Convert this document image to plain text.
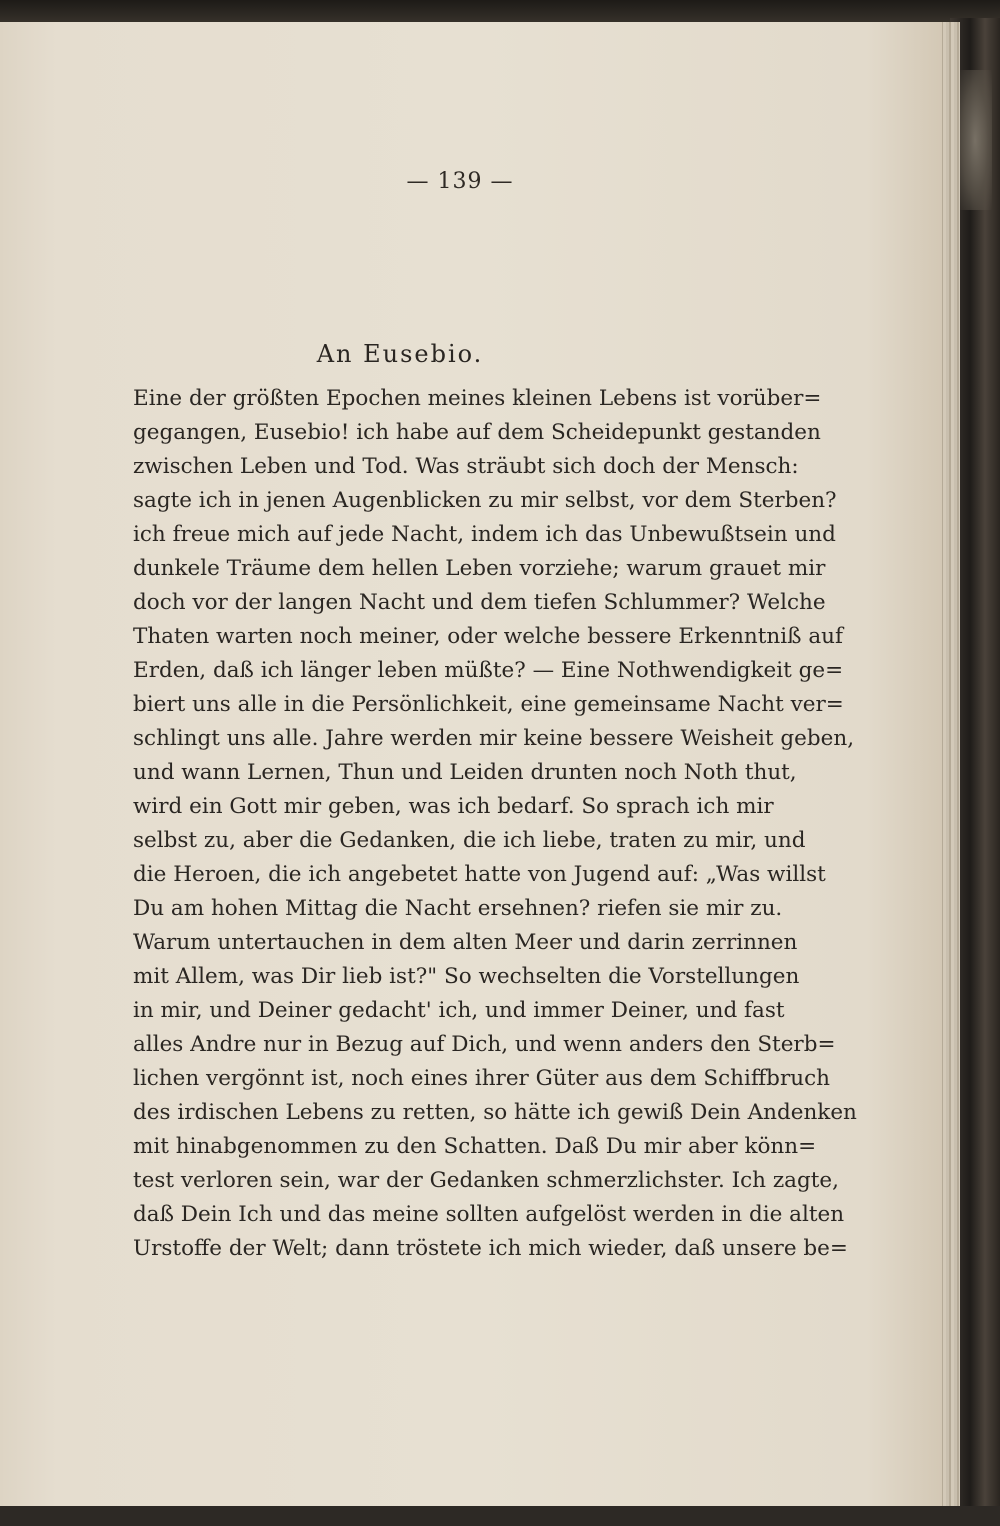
— 139 —
An Eusebio.
Eine der größten Epochen meines kleinen Lebens ist vorüber=
gegangen, Eusebio! ich habe auf dem Scheidepunkt gestanden
zwischen Leben und Tod. Was sträubt sich doch der Mensch:
sagte ich in jenen Augenblicken zu mir selbst, vor dem Sterben?
ich freue mich auf jede Nacht, indem ich das Unbewußtsein und
dunkele Träume dem hellen Leben vorziehe; warum grauet mir
doch vor der langen Nacht und dem tiefen Schlummer? Welche
Thaten warten noch meiner, oder welche bessere Erkenntniß auf
Erden, daß ich länger leben müßte? — Eine Nothwendigkeit ge=
biert uns alle in die Persönlichkeit, eine gemeinsame Nacht ver=
schlingt uns alle. Jahre werden mir keine bessere Weisheit geben,
und wann Lernen, Thun und Leiden drunten noch Noth thut,
wird ein Gott mir geben, was ich bedarf. So sprach ich mir
selbst zu, aber die Gedanken, die ich liebe, traten zu mir, und
die Heroen, die ich angebetet hatte von Jugend auf: „Was willst
Du am hohen Mittag die Nacht ersehnen? riefen sie mir zu.
Warum untertauchen in dem alten Meer und darin zerrinnen
mit Allem, was Dir lieb ist?" So wechselten die Vorstellungen
in mir, und Deiner gedacht' ich, und immer Deiner, und fast
alles Andre nur in Bezug auf Dich, und wenn anders den Sterb=
lichen vergönnt ist, noch eines ihrer Güter aus dem Schiffbruch
des irdischen Lebens zu retten, so hätte ich gewiß Dein Andenken
mit hinabgenommen zu den Schatten. Daß Du mir aber könn=
test verloren sein, war der Gedanken schmerzlichster. Ich zagte,
daß Dein Ich und das meine sollten aufgelöst werden in die alten
Urstoffe der Welt; dann tröstete ich mich wieder, daß unsere be=
